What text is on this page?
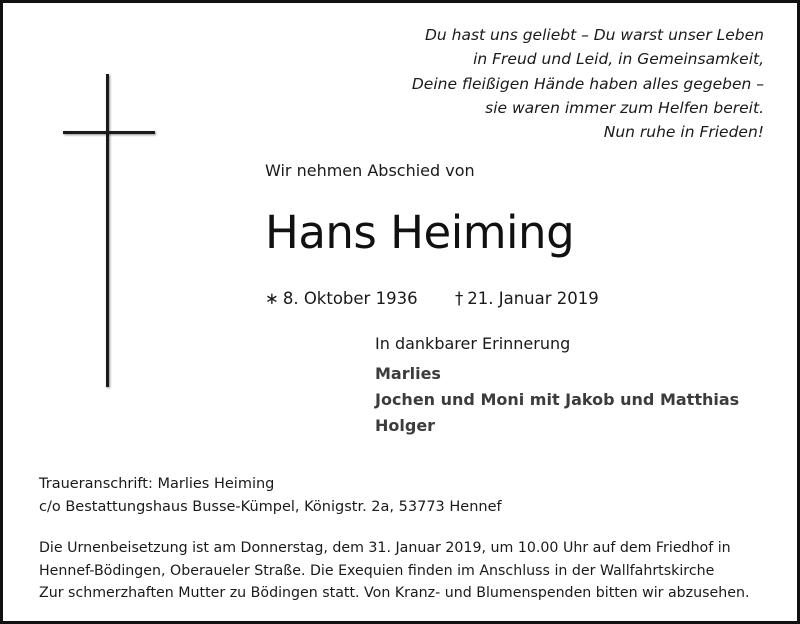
Du hast uns geliebt – Du warst unser Leben
in Freud und Leid, in Gemeinsamkeit,
Deine fleißigen Hände haben alles gegeben –
sie waren immer zum Helfen bereit.
Nun ruhe in Frieden!
Wir nehmen Abschied von
Hans Heiming
∗ 8. Oktober 1936 † 21. Januar 2019
In dankbarer Erinnerung
Marlies
Jochen und Moni mit Jakob und Matthias
Holger
Traueranschrift: Marlies Heiming
c/o Bestattungshaus Busse-Kümpel, Königstr. 2a, 53773 Hennef
Die Urnenbeisetzung ist am Donnerstag, dem 31. Januar 2019, um 10.00 Uhr auf dem Friedhof in
Hennef-Bödingen, Oberaueler Straße. Die Exequien finden im Anschluss in der Wallfahrtskirche
Zur schmerzhaften Mutter zu Bödingen statt. Von Kranz- und Blumenspenden bitten wir abzusehen.
